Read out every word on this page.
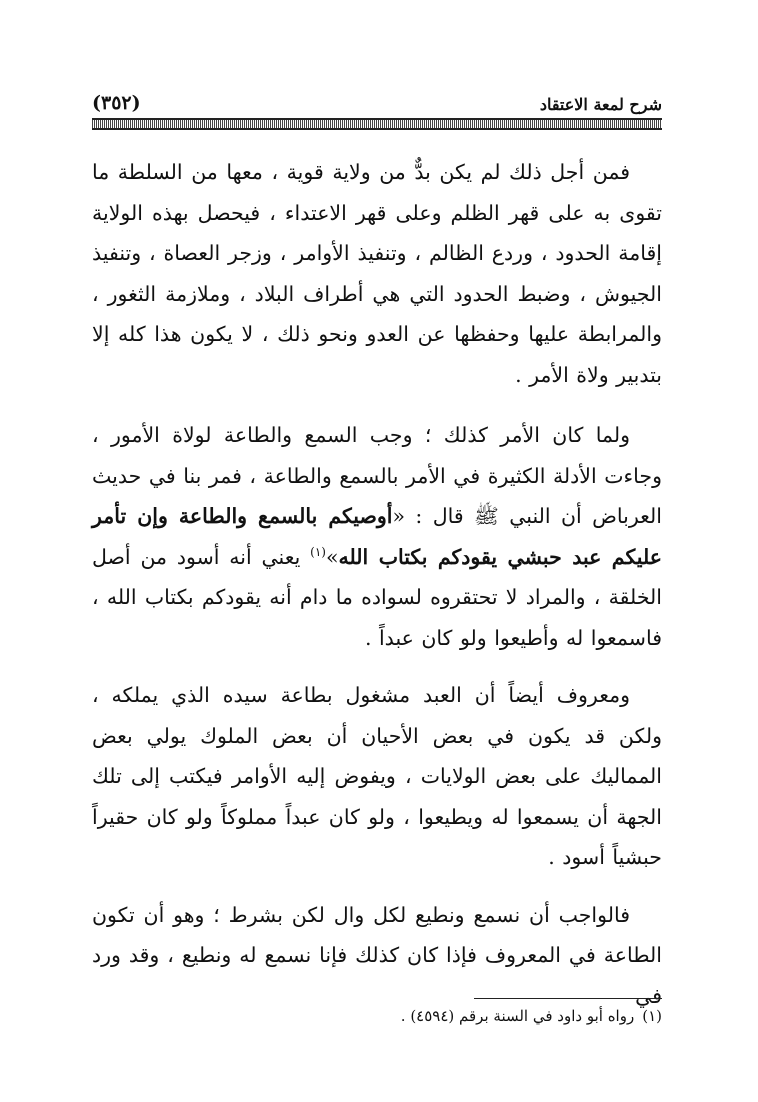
شرح لمعة الاعتقاد
(٣٥٢)

فمن أجل ذلك لم يكن بدٌّ من ولاية قوية ، معها من السلطة ما تقوى به على قهر الظلم وعلى قهر الاعتداء ، فيحصل بهذه الولاية إقامة الحدود ، وردع الظالم ، وتنفيذ الأوامر ، وزجر العصاة ، وتنفيذ الجيوش ، وضبط الحدود التي هي أطراف البلاد ، وملازمة الثغور ، والمرابطة عليها وحفظها عن العدو ونحو ذلك ، لا يكون هذا كله إلا بتدبير ولاة الأمر .

ولما كان الأمر كذلك ؛ وجب السمع والطاعة لولاة الأمور ، وجاءت الأدلة الكثيرة في الأمر بالسمع والطاعة ، فمر بنا في حديث العرباض أن النبي ﷺ قال : «أوصيكم بالسمع والطاعة وإن تأمر عليكم عبد حبشي يقودكم بكتاب الله»$^{(١)}$ يعني أنه أسود من أصل الخلقة ، والمراد لا تحتقروه لسواده ما دام أنه يقودكم بكتاب الله ، فاسمعوا له وأطيعوا ولو كان عبداً .

ومعروف أيضاً أن العبد مشغول بطاعة سيده الذي يملكه ، ولكن قد يكون في بعض الأحيان أن بعض الملوك يولي بعض المماليك على بعض الولايات ، ويفوض إليه الأوامر فيكتب إلى تلك الجهة أن يسمعوا له ويطيعوا ، ولو كان عبداً مملوكاً ولو كان حقيراً حبشياً أسود .

فالواجب أن نسمع ونطيع لكل وال لكن بشرط ؛ وهو أن تكون الطاعة في المعروف فإذا كان كذلك فإنا نسمع له ونطيع ، وقد ورد في

(١)رواه أبو داود في السنة برقم (٤٥٩٤) .
